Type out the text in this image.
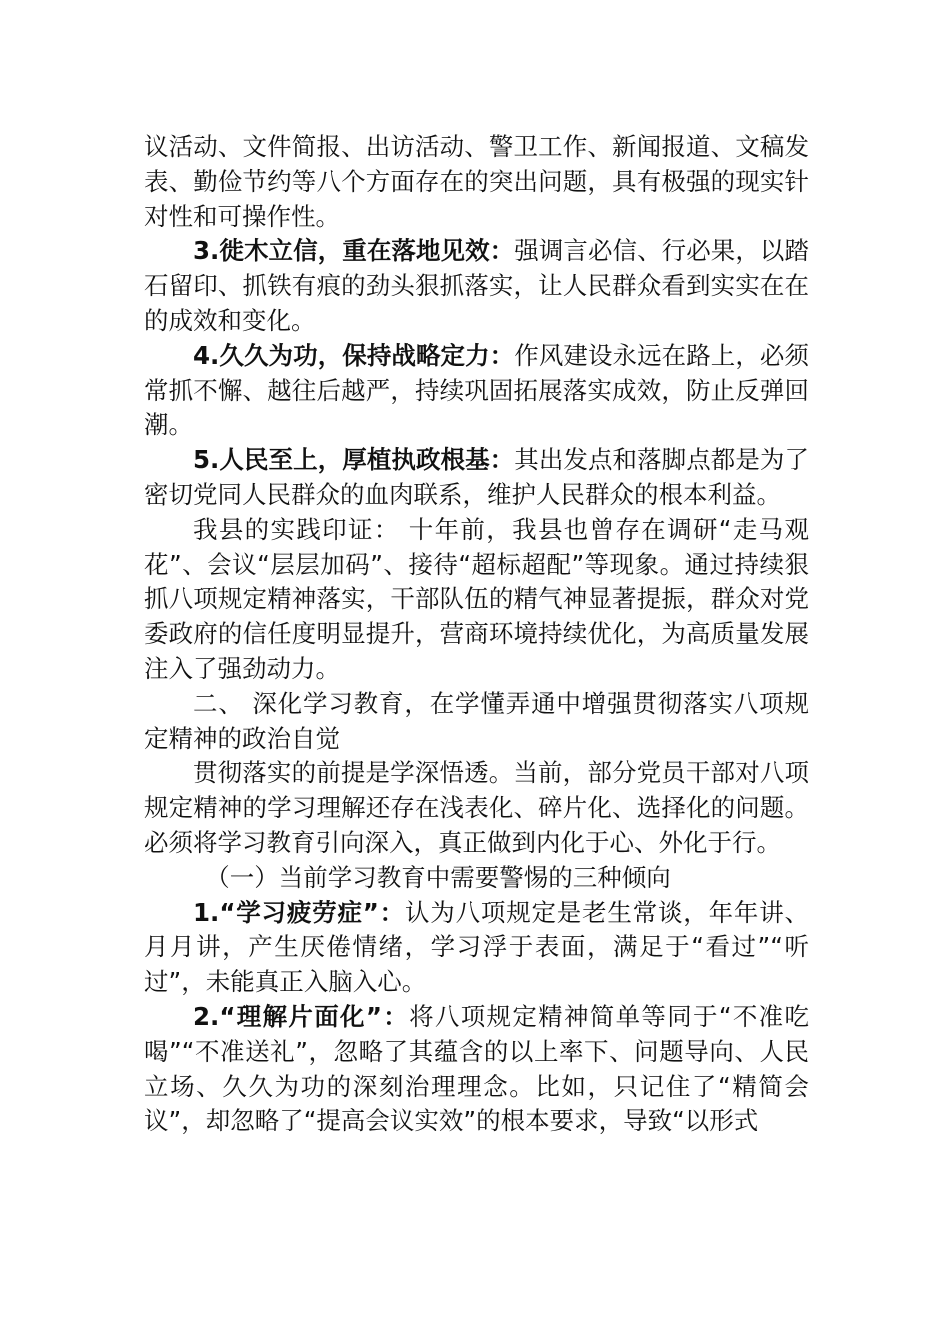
议活动、文件简报、出访活动、警卫工作、新闻报道、文稿发表、勤俭节约等八个方面存在的突出问题，具有极强的现实针对性和可操作性。

3.徙木立信，重在落地见效：强调言必信、行必果，以踏石留印、抓铁有痕的劲头狠抓落实，让人民群众看到实实在在的成效和变化。

4.久久为功，保持战略定力：作风建设永远在路上，必须常抓不懈、越往后越严，持续巩固拓展落实成效，防止反弹回潮。

5.人民至上，厚植执政根基：其出发点和落脚点都是为了密切党同人民群众的血肉联系，维护人民群众的根本利益。

我县的实践印证： 十年前，我县也曾存在调研“走马观花”、会议“层层加码”、接待“超标超配”等现象。通过持续狠抓八项规定精神落实，干部队伍的精气神显著提振，群众对党委政府的信任度明显提升，营商环境持续优化，为高质量发展注入了强劲动力。

二、 深化学习教育，在学懂弄通中增强贯彻落实八项规定精神的政治自觉

贯彻落实的前提是学深悟透。当前，部分党员干部对八项规定精神的学习理解还存在浅表化、碎片化、选择化的问题。必须将学习教育引向深入，真正做到内化于心、外化于行。

（一）当前学习教育中需要警惕的三种倾向

1.“学习疲劳症”：认为八项规定是老生常谈，年年讲、月月讲，产生厌倦情绪，学习浮于表面，满足于“看过”“听过”，未能真正入脑入心。

2.“理解片面化”：将八项规定精神简单等同于“不准吃喝”“不准送礼”，忽略了其蕴含的以上率下、问题导向、人民立场、久久为功的深刻治理理念。比如，只记住了“精简会议”，却忽略了“提高会议实效”的根本要求，导致“以形式
